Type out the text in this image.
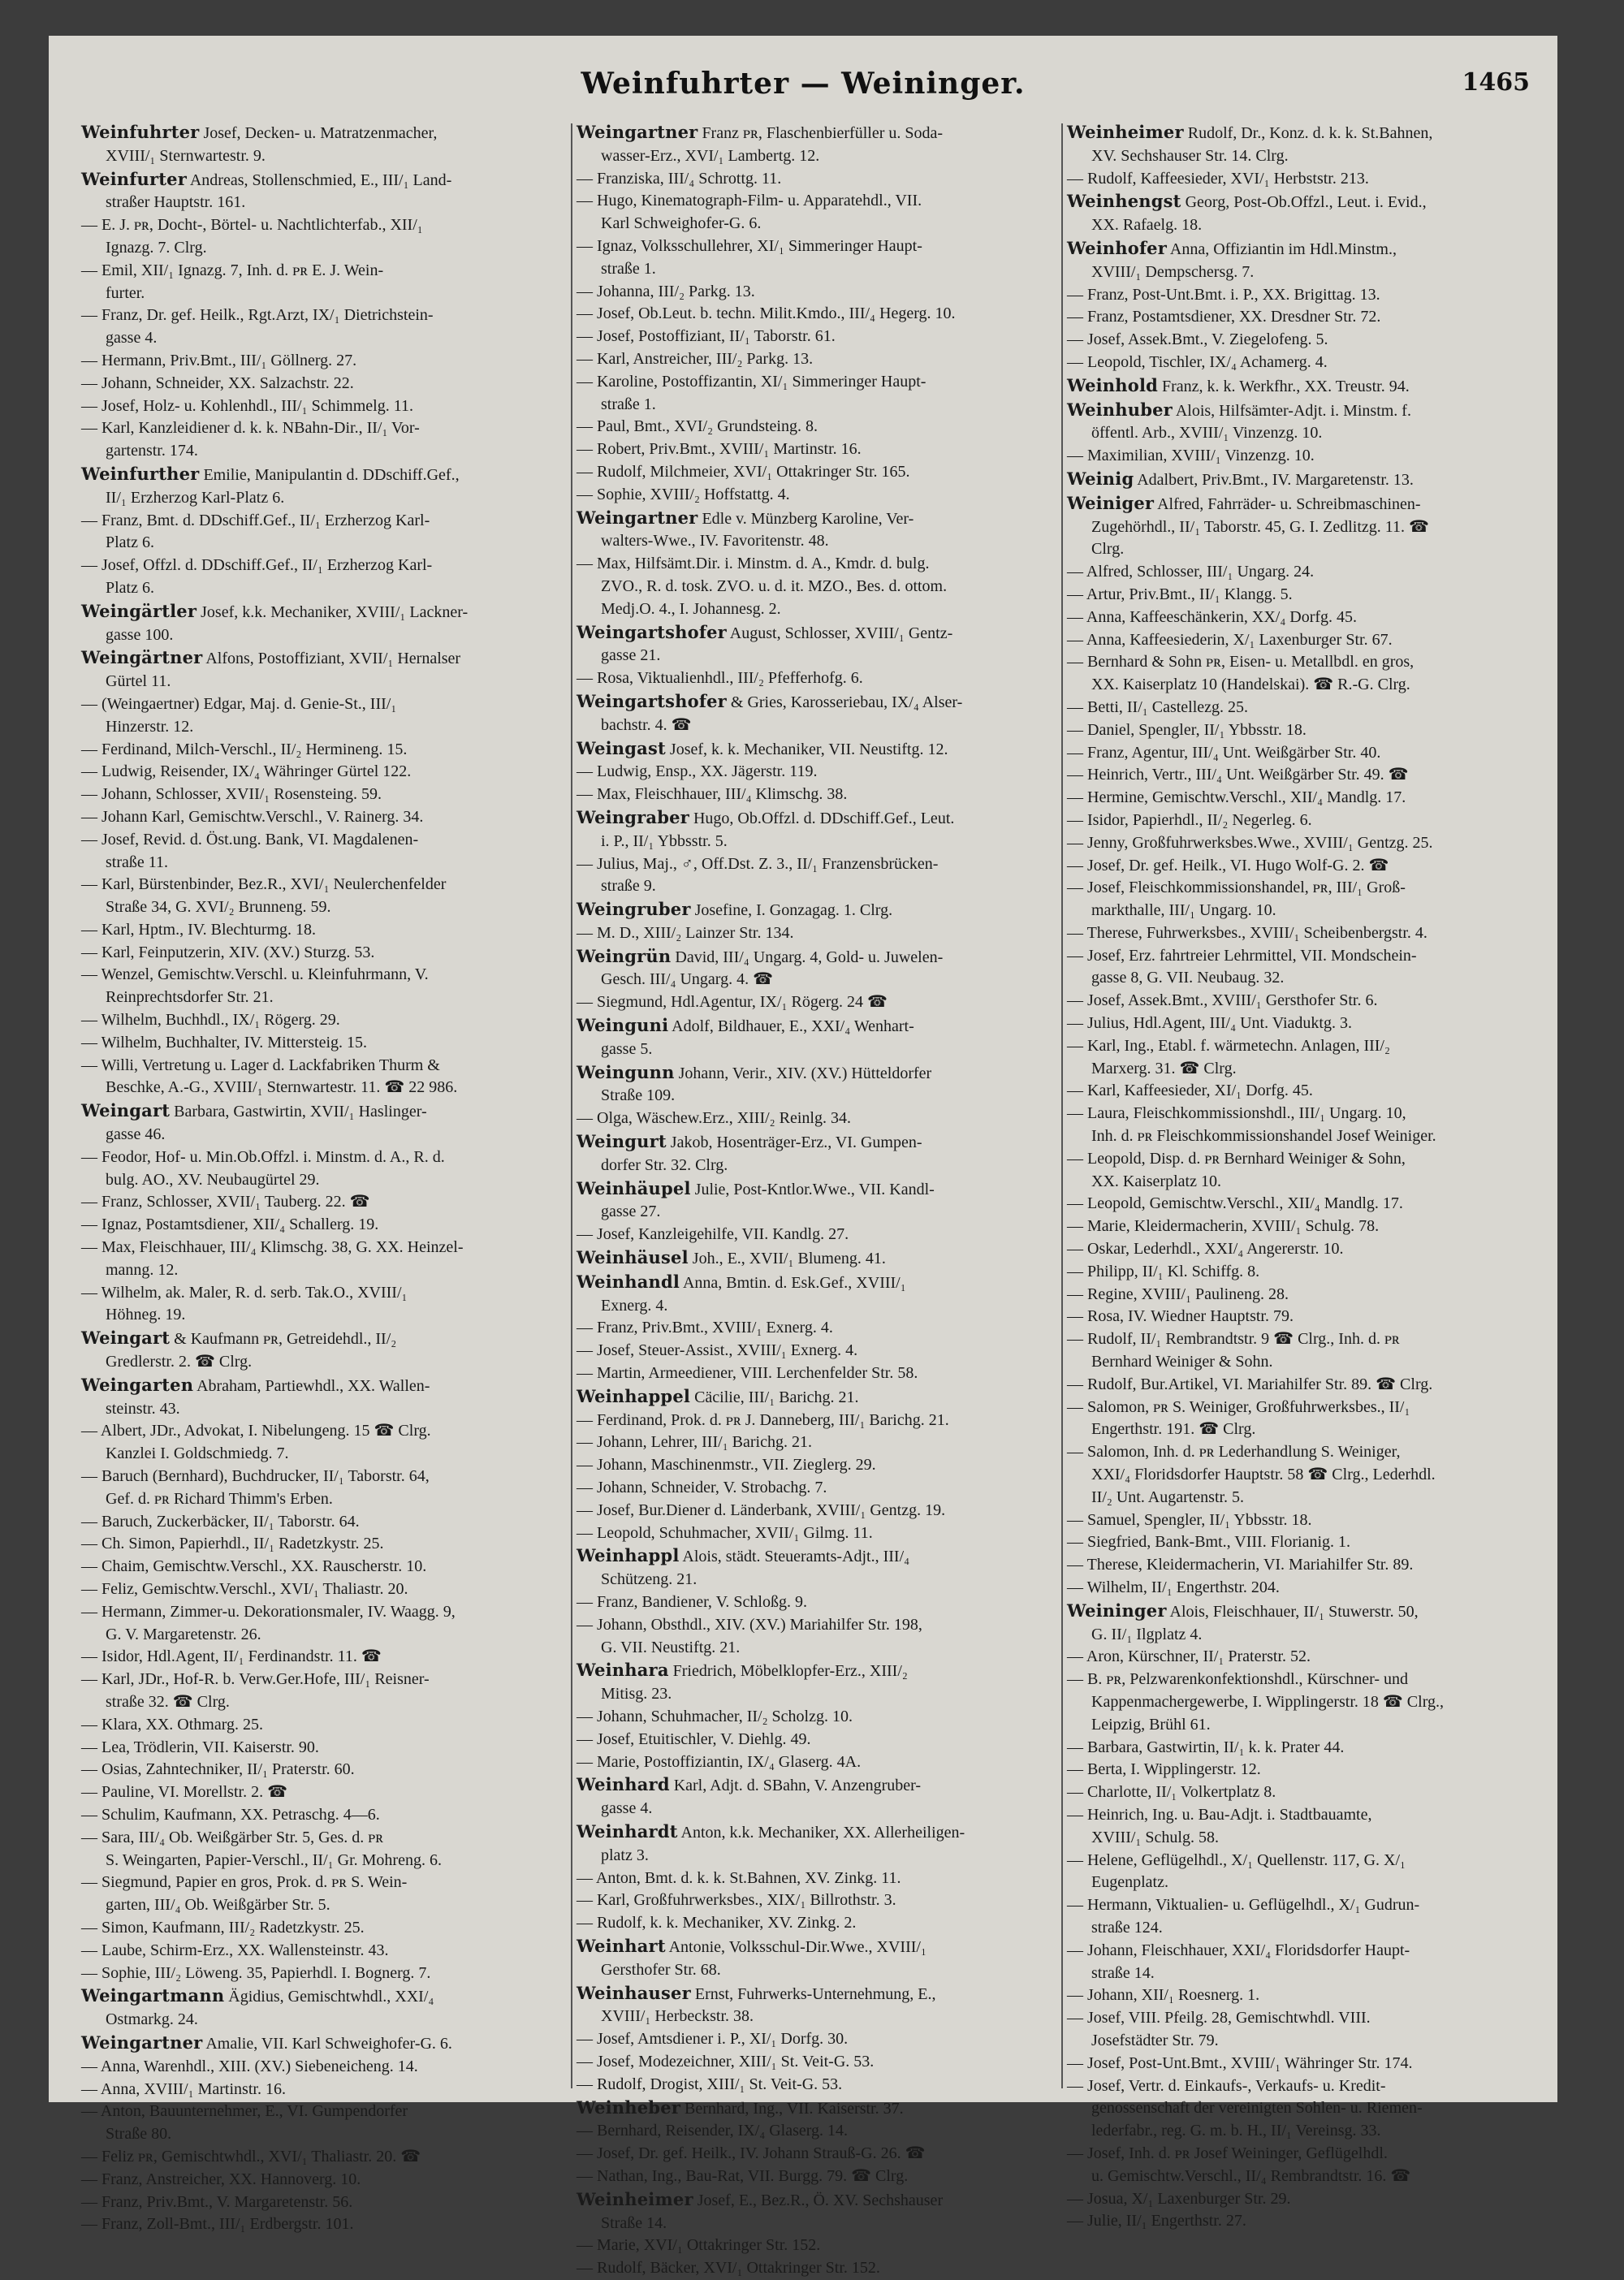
Weinfuhrter — Weininger.	1465
Weinfuhrter Josef, Decken- u. Matratzenmacher,
XVIII/₁ Sternwartestr. 9.
Weinfurter Andreas, Stollenschmied, E., III/₁ Land-
straßer Hauptstr. 161.
— E. J. ᴘʀ, Docht-, Börtel- u. Nachtlichterfab., XII/₁
Ignazg. 7. Clrg.
— Emil, XII/₁ Ignazg. 7, Inh. d. ᴘʀ E. J. Wein-
furter.
— Franz, Dr. gef. Heilk., Rgt.Arzt, IX/₁ Dietrichstein-
gasse 4.
— Hermann, Priv.Bmt., III/₁ Göllnerg. 27.
— Johann, Schneider, XX. Salzachstr. 22.
— Josef, Holz- u. Kohlenhdl., III/₁ Schimmelg. 11.
— Karl, Kanzleidiener d. k. k. NBahn-Dir., II/₁ Vor-
gartenstr. 174.
Weinfurther Emilie, Manipulantin d. DDschiff.Gef.,
II/₁ Erzherzog Karl-Platz 6.
— Franz, Bmt. d. DDschiff.Gef., II/₁ Erzherzog Karl-
Platz 6.
— Josef, Offzl. d. DDschiff.Gef., II/₁ Erzherzog Karl-
Platz 6.
Weingärtler Josef, k.k. Mechaniker, XVIII/₁ Lackner-
gasse 100.
Weingärtner Alfons, Postoffiziant, XVII/₁ Hernalser
Gürtel 11.
— (Weingaertner) Edgar, Maj. d. Genie-St., III/₁
Hinzerstr. 12.
— Ferdinand, Milch-Verschl., II/₂ Hermineng. 15.
— Ludwig, Reisender, IX/₄ Währinger Gürtel 122.
— Johann, Schlosser, XVII/₁ Rosensteing. 59.
— Johann Karl, Gemischtw.Verschl., V. Rainerg. 34.
— Josef, Revid. d. Öst.ung. Bank, VI. Magdalenen-
straße 11.
— Karl, Bürstenbinder, Bez.R., XVI/₁ Neulerchenfelder
Straße 34, G. XVI/₂ Brunneng. 59.
— Karl, Hptm., IV. Blechturmg. 18.
— Karl, Feinputzerin, XIV. (XV.) Sturzg. 53.
— Wenzel, Gemischtw.Verschl. u. Kleinfuhrmann, V.
Reinprechtsdorfer Str. 21.
— Wilhelm, Buchhdl., IX/₁ Rögerg. 29.
— Wilhelm, Buchhalter, IV. Mittersteig. 15.
— Willi, Vertretung u. Lager d. Lackfabriken Thurm &
Beschke, A.-G., XVIII/₁ Sternwartestr. 11. ☎ 22 986.
Weingart Barbara, Gastwirtin, XVII/₁ Haslinger-
gasse 46.
— Feodor, Hof- u. Min.Ob.Offzl. i. Minstm. d. A., R. d.
bulg. AO., XV. Neubaugürtel 29.
— Franz, Schlosser, XVII/₁ Tauberg. 22. ☎
— Ignaz, Postamtsdiener, XII/₄ Schallerg. 19.
— Max, Fleischhauer, III/₄ Klimschg. 38, G. XX. Heinzel-
manng. 12.
— Wilhelm, ak. Maler, R. d. serb. Tak.O., XVIII/₁
Höhneg. 19.
Weingart & Kaufmann ᴘʀ, Getreidehdl., II/₂
Gredlerstr. 2. ☎ Clrg.
Weingarten Abraham, Partiewhdl., XX. Wallen-
steinstr. 43.
— Albert, JDr., Advokat, I. Nibelungeng. 15 ☎ Clrg.
Kanzlei I. Goldschmiedg. 7.
— Baruch (Bernhard), Buchdrucker, II/₁ Taborstr. 64,
Gef. d. ᴘʀ Richard Thimm's Erben.
— Baruch, Zuckerbäcker, II/₁ Taborstr. 64.
— Ch. Simon, Papierhdl., II/₁ Radetzkystr. 25.
— Chaim, Gemischtw.Verschl., XX. Rauscherstr. 10.
— Feliz, Gemischtw.Verschl., XVI/₁ Thaliastr. 20.
— Hermann, Zimmer-u. Dekorationsmaler, IV. Waagg. 9,
G. V. Margaretenstr. 26.
— Isidor, Hdl.Agent, II/₁ Ferdinandstr. 11. ☎
— Karl, JDr., Hof-R. b. Verw.Ger.Hofe, III/₁ Reisner-
straße 32. ☎ Clrg.
— Klara, XX. Othmarg. 25.
— Lea, Trödlerin, VII. Kaiserstr. 90.
— Osias, Zahntechniker, II/₁ Praterstr. 60.
— Pauline, VI. Morellstr. 2. ☎
— Schulim, Kaufmann, XX. Petraschg. 4—6.
— Sara, III/₄ Ob. Weißgärber Str. 5, Ges. d. ᴘʀ
S. Weingarten, Papier-Verschl., II/₁ Gr. Mohreng. 6.
— Siegmund, Papier en gros, Prok. d. ᴘʀ S. Wein-
garten, III/₄ Ob. Weißgärber Str. 5.
— Simon, Kaufmann, III/₂ Radetzkystr. 25.
— Laube, Schirm-Erz., XX. Wallensteinstr. 43.
— Sophie, III/₂ Löweng. 35, Papierhdl. I. Bognerg. 7.
Weingartmann Ägidius, Gemischtwhdl., XXI/₄
Ostmarkg. 24.
Weingartner Amalie, VII. Karl Schweighofer-G. 6.
— Anna, Warenhdl., XIII. (XV.) Siebeneicheng. 14.
— Anna, XVIII/₁ Martinstr. 16.
— Anton, Bauunternehmer, E., VI. Gumpendorfer
Straße 80.
— Feliz ᴘʀ, Gemischtwhdl., XVI/₁ Thaliastr. 20. ☎
— Franz, Anstreicher, XX. Hannoverg. 10.
— Franz, Priv.Bmt., V. Margaretenstr. 56.
— Franz, Zoll-Bmt., III/₁ Erdbergstr. 101.
Weingartner Franz ᴘʀ, Flaschenbierfüller u. Soda-
wasser-Erz., XVI/₁ Lambertg. 12.
— Franziska, III/₄ Schrottg. 11.
— Hugo, Kinematograph-Film- u. Apparatehdl., VII.
Karl Schweighofer-G. 6.
— Ignaz, Volksschullehrer, XI/₁ Simmeringer Haupt-
straße 1.
— Johanna, III/₂ Parkg. 13.
— Josef, Ob.Leut. b. techn. Milit.Kmdo., III/₄ Hegerg. 10.
— Josef, Postoffiziant, II/₁ Taborstr. 61.
— Karl, Anstreicher, III/₂ Parkg. 13.
— Karoline, Postoffizantin, XI/₁ Simmeringer Haupt-
straße 1.
— Paul, Bmt., XVI/₂ Grundsteing. 8.
— Robert, Priv.Bmt., XVIII/₁ Martinstr. 16.
— Rudolf, Milchmeier, XVI/₁ Ottakringer Str. 165.
— Sophie, XVIII/₂ Hoffstattg. 4.
Weingartner Edle v. Münzberg Karoline, Ver-
walters-Wwe., IV. Favoritenstr. 48.
— Max, Hilfsämt.Dir. i. Minstm. d. A., Kmdr. d. bulg.
ZVO., R. d. tosk. ZVO. u. d. it. MZO., Bes. d. ottom.
Medj.O. 4., I. Johannesg. 2.
Weingartshofer August, Schlosser, XVIII/₁ Gentz-
gasse 21.
— Rosa, Viktualienhdl., III/₂ Pfefferhofg. 6.
Weingartshofer & Gries, Karosseriebau, IX/₄ Alser-
bachstr. 4. ☎
Weingast Josef, k. k. Mechaniker, VII. Neustiftg. 12.
— Ludwig, Ensp., XX. Jägerstr. 119.
— Max, Fleischhauer, III/₄ Klimschg. 38.
Weingraber Hugo, Ob.Offzl. d. DDschiff.Gef., Leut.
i. P., II/₁ Ybbsstr. 5.
— Julius, Maj., ♂, Off.Dst. Z. 3., II/₁ Franzensbrücken-
straße 9.
Weingruber Josefine, I. Gonzagag. 1. Clrg.
— M. D., XIII/₂ Lainzer Str. 134.
Weingrün David, III/₄ Ungarg. 4, Gold- u. Juwelen-
Gesch. III/₄ Ungarg. 4. ☎
— Siegmund, Hdl.Agentur, IX/₁ Rögerg. 24 ☎
Weinguni Adolf, Bildhauer, E., XXI/₄ Wenhart-
gasse 5.
Weingunn Johann, Verir., XIV. (XV.) Hütteldorfer
Straße 109.
— Olga, Wäschew.Erz., XIII/₂ Reinlg. 34.
Weingurt Jakob, Hosenträger-Erz., VI. Gumpen-
dorfer Str. 32. Clrg.
Weinhäupel Julie, Post-Kntlor.Wwe., VII. Kandl-
gasse 27.
— Josef, Kanzleigehilfe, VII. Kandlg. 27.
Weinhäusel Joh., E., XVII/₁ Blumeng. 41.
Weinhandl Anna, Bmtin. d. Esk.Gef., XVIII/₁
Exnerg. 4.
— Franz, Priv.Bmt., XVIII/₁ Exnerg. 4.
— Josef, Steuer-Assist., XVIII/₁ Exnerg. 4.
— Martin, Armeediener, VIII. Lerchenfelder Str. 58.
Weinhappel Cäcilie, III/₁ Barichg. 21.
— Ferdinand, Prok. d. ᴘʀ J. Danneberg, III/₁ Barichg. 21.
— Johann, Lehrer, III/₁ Barichg. 21.
— Johann, Maschinenmstr., VII. Zieglerg. 29.
— Johann, Schneider, V. Strobachg. 7.
— Josef, Bur.Diener d. Länderbank, XVIII/₁ Gentzg. 19.
— Leopold, Schuhmacher, XVII/₁ Gilmg. 11.
Weinhappl Alois, städt. Steueramts-Adjt., III/₄
Schützeng. 21.
— Franz, Bandiener, V. Schloßg. 9.
— Johann, Obsthdl., XIV. (XV.) Mariahilfer Str. 198,
G. VII. Neustiftg. 21.
Weinhara Friedrich, Möbelklopfer-Erz., XIII/₂
Mitisg. 23.
— Johann, Schuhmacher, II/₂ Scholzg. 10.
— Josef, Etuitischler, V. Diehlg. 49.
— Marie, Postoffiziantin, IX/₄ Glaserg. 4A.
Weinhard Karl, Adjt. d. SBahn, V. Anzengruber-
gasse 4.
Weinhardt Anton, k.k. Mechaniker, XX. Allerheiligen-
platz 3.
— Anton, Bmt. d. k. k. St.Bahnen, XV. Zinkg. 11.
— Karl, Großfuhrwerksbes., XIX/₁ Billrothstr. 3.
— Rudolf, k. k. Mechaniker, XV. Zinkg. 2.
Weinhart Antonie, Volksschul-Dir.Wwe., XVIII/₁
Gersthofer Str. 68.
Weinhauser Ernst, Fuhrwerks-Unternehmung, E.,
XVIII/₁ Herbeckstr. 38.
— Josef, Amtsdiener i. P., XI/₁ Dorfg. 30.
— Josef, Modezeichner, XIII/₁ St. Veit-G. 53.
— Rudolf, Drogist, XIII/₁ St. Veit-G. 53.
Weinheber Bernhard, Ing., VII. Kaiserstr. 37.
— Bernhard, Reisender, IX/₄ Glaserg. 14.
— Josef, Dr. gef. Heilk., IV. Johann Strauß-G. 26. ☎
— Nathan, Ing., Bau-Rat, VII. Burgg. 79. ☎ Clrg.
Weinheimer Josef, E., Bez.R., Ö. XV. Sechshauser
Straße 14.
— Marie, XVI/₁ Ottakringer Str. 152.
— Rudolf, Bäcker, XVI/₁ Ottakringer Str. 152.
Weinheimer Rudolf, Dr., Konz. d. k. k. St.Bahnen,
XV. Sechshauser Str. 14. Clrg.
— Rudolf, Kaffeesieder, XVI/₁ Herbststr. 213.
Weinhengst Georg, Post-Ob.Offzl., Leut. i. Evid.,
XX. Rafaelg. 18.
Weinhofer Anna, Offiziantin im Hdl.Minstm.,
XVIII/₁ Dempschersg. 7.
— Franz, Post-Unt.Bmt. i. P., XX. Brigittag. 13.
— Franz, Postamtsdiener, XX. Dresdner Str. 72.
— Josef, Assek.Bmt., V. Ziegelofeng. 5.
— Leopold, Tischler, IX/₄ Achamerg. 4.
Weinhold Franz, k. k. Werkfhr., XX. Treustr. 94.
Weinhuber Alois, Hilfsämter-Adjt. i. Minstm. f.
öffentl. Arb., XVIII/₁ Vinzenzg. 10.
— Maximilian, XVIII/₁ Vinzenzg. 10.
Weinig Adalbert, Priv.Bmt., IV. Margaretenstr. 13.
Weiniger Alfred, Fahrräder- u. Schreibmaschinen-
Zugehörhdl., II/₁ Taborstr. 45, G. I. Zedlitzg. 11. ☎
Clrg.
— Alfred, Schlosser, III/₁ Ungarg. 24.
— Artur, Priv.Bmt., II/₁ Klangg. 5.
— Anna, Kaffeeschänkerin, XX/₄ Dorfg. 45.
— Anna, Kaffeesiederin, X/₁ Laxenburger Str. 67.
— Bernhard & Sohn ᴘʀ, Eisen- u. Metallbdl. en gros,
XX. Kaiserplatz 10 (Handelskai). ☎ R.-G. Clrg.
— Betti, II/₁ Castellezg. 25.
— Daniel, Spengler, II/₁ Ybbsstr. 18.
— Franz, Agentur, III/₄ Unt. Weißgärber Str. 40.
— Heinrich, Vertr., III/₄ Unt. Weißgärber Str. 49. ☎
— Hermine, Gemischtw.Verschl., XII/₄ Mandlg. 17.
— Isidor, Papierhdl., II/₂ Negerleg. 6.
— Jenny, Großfuhrwerksbes.Wwe., XVIII/₁ Gentzg. 25.
— Josef, Dr. gef. Heilk., VI. Hugo Wolf-G. 2. ☎
— Josef, Fleischkommissionshandel, ᴘʀ, III/₁ Groß-
markthalle, III/₁ Ungarg. 10.
— Therese, Fuhrwerksbes., XVIII/₁ Scheibenbergstr. 4.
— Josef, Erz. fahrtreier Lehrmittel, VII. Mondschein-
gasse 8, G. VII. Neubaug. 32.
— Josef, Assek.Bmt., XVIII/₁ Gersthofer Str. 6.
— Julius, Hdl.Agent, III/₄ Unt. Viaduktg. 3.
— Karl, Ing., Etabl. f. wärmetechn. Anlagen, III/₂
Marxerg. 31. ☎ Clrg.
— Karl, Kaffeesieder, XI/₁ Dorfg. 45.
— Laura, Fleischkommissionshdl., III/₁ Ungarg. 10,
Inh. d. ᴘʀ Fleischkommissionshandel Josef Weiniger.
— Leopold, Disp. d. ᴘʀ Bernhard Weiniger & Sohn,
XX. Kaiserplatz 10.
— Leopold, Gemischtw.Verschl., XII/₄ Mandlg. 17.
— Marie, Kleidermacherin, XVIII/₁ Schulg. 78.
— Oskar, Lederhdl., XXI/₄ Angererstr. 10.
— Philipp, II/₁ Kl. Schiffg. 8.
— Regine, XVIII/₁ Paulineng. 28.
— Rosa, IV. Wiedner Hauptstr. 79.
— Rudolf, II/₁ Rembrandtstr. 9 ☎ Clrg., Inh. d. ᴘʀ
Bernhard Weiniger & Sohn.
— Rudolf, Bur.Artikel, VI. Mariahilfer Str. 89. ☎ Clrg.
— Salomon, ᴘʀ S. Weiniger, Großfuhrwerksbes., II/₁
Engerthstr. 191. ☎ Clrg.
— Salomon, Inh. d. ᴘʀ Lederhandlung S. Weiniger,
XXI/₄ Floridsdorfer Hauptstr. 58 ☎ Clrg., Lederhdl.
II/₂ Unt. Augartenstr. 5.
— Samuel, Spengler, II/₁ Ybbsstr. 18.
— Siegfried, Bank-Bmt., VIII. Florianig. 1.
— Therese, Kleidermacherin, VI. Mariahilfer Str. 89.
— Wilhelm, II/₁ Engerthstr. 204.
Weininger Alois, Fleischhauer, II/₁ Stuwerstr. 50,
G. II/₁ Ilgplatz 4.
— Aron, Kürschner, II/₁ Praterstr. 52.
— B. ᴘʀ, Pelzwarenkonfektionshdl., Kürschner- und
Kappenmachergewerbe, I. Wipplingerstr. 18 ☎ Clrg.,
Leipzig, Brühl 61.
— Barbara, Gastwirtin, II/₁ k. k. Prater 44.
— Berta, I. Wipplingerstr. 12.
— Charlotte, II/₁ Volkertplatz 8.
— Heinrich, Ing. u. Bau-Adjt. i. Stadtbauamte,
XVIII/₁ Schulg. 58.
— Helene, Geflügelhdl., X/₁ Quellenstr. 117, G. X/₁
Eugenplatz.
— Hermann, Viktualien- u. Geflügelhdl., X/₁ Gudrun-
straße 124.
— Johann, Fleischhauer, XXI/₄ Floridsdorfer Haupt-
straße 14.
— Johann, XII/₁ Roesnerg. 1.
— Josef, VIII. Pfeilg. 28, Gemischtwhdl. VIII.
Josefstädter Str. 79.
— Josef, Post-Unt.Bmt., XVIII/₁ Währinger Str. 174.
— Josef, Vertr. d. Einkaufs-, Verkaufs- u. Kredit-
genossenschaft der vereinigten Sohlen- u. Riemen-
lederfabr., reg. G. m. b. H., II/₁ Vereinsg. 33.
— Josef, Inh. d. ᴘʀ Josef Weininger, Geflügelhdl.
u. Gemischtw.Verschl., II/₄ Rembrandtstr. 16. ☎
— Josua, X/₁ Laxenburger Str. 29.
— Julie, II/₁ Engerthstr. 27.
